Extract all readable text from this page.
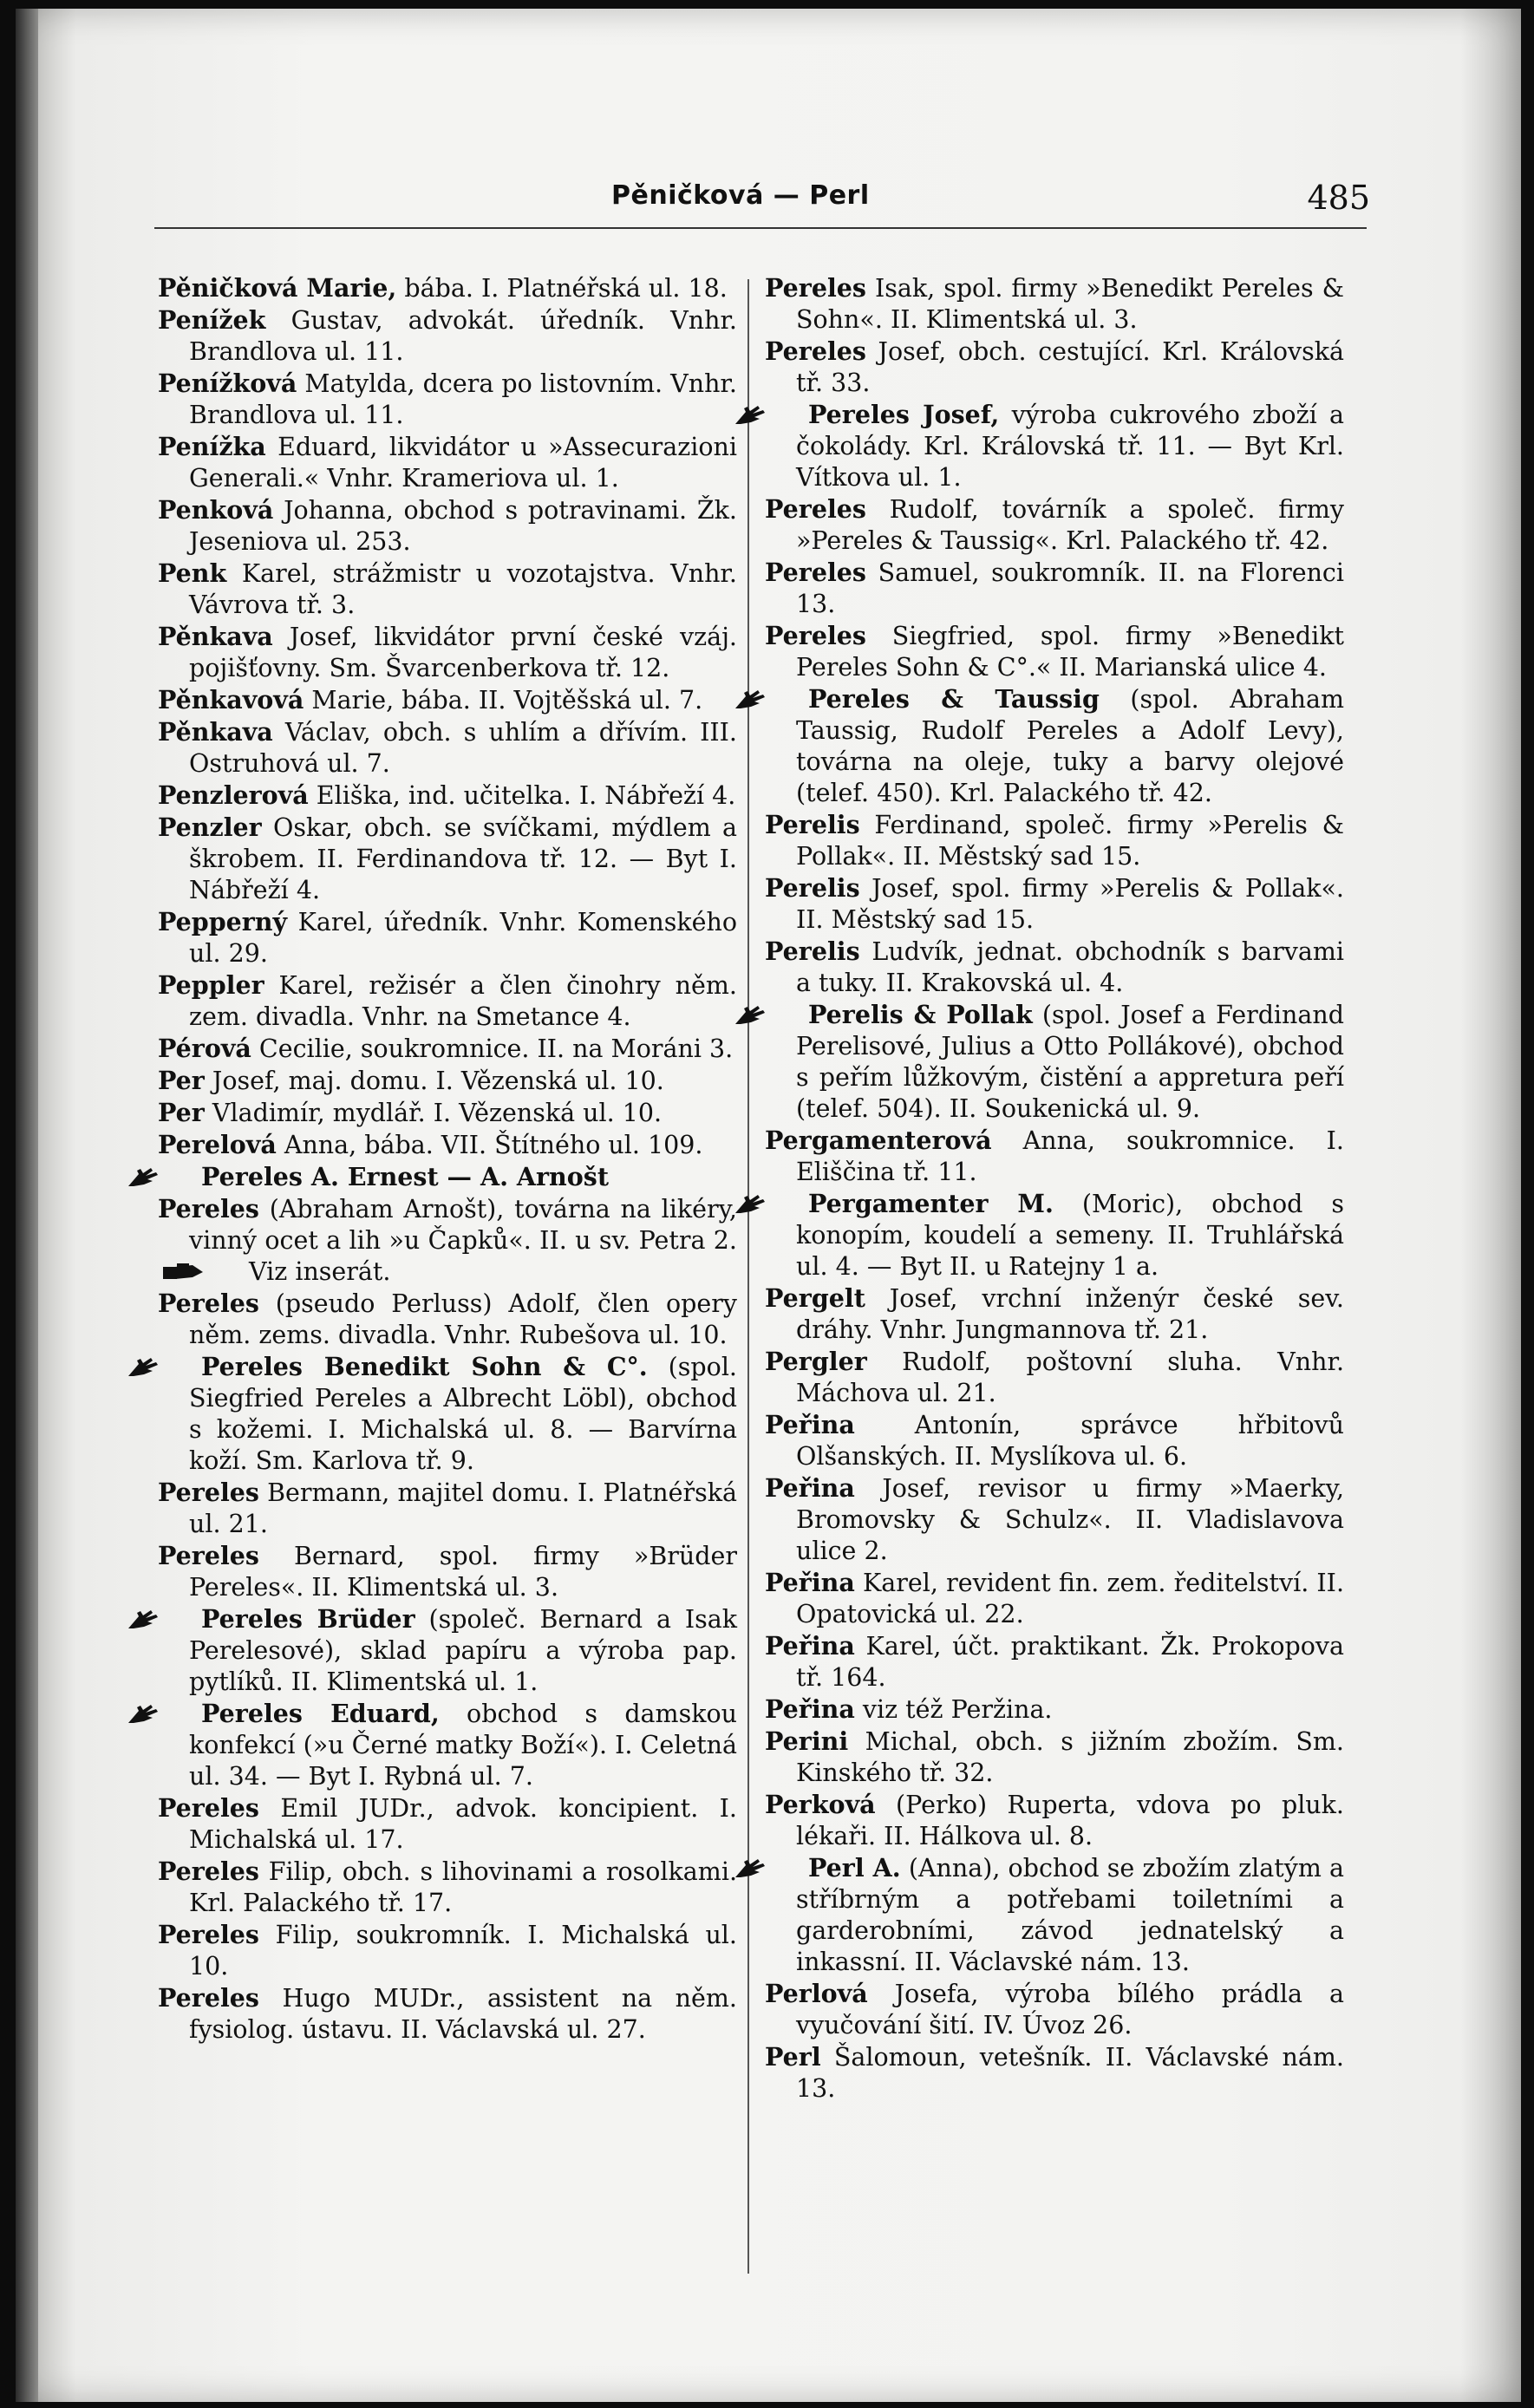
Pěničková — Perl	485

Pěničková Marie, bába. I. Platnéřská ul. 18.

Penížek Gustav, advokát. úředník. Vnhr. Brandlova ul. 11.

Penížková Matylda, dcera po listovním. Vnhr. Brandlova ul. 11.

Penížka Eduard, likvidátor u »Assecurazioni Generali.« Vnhr. Krameriova ul. 1.

Penková Johanna, obchod s potravinami. Žk. Jeseniova ul. 253.

Penk Karel, strážmistr u vozotajstva. Vnhr. Vávrova tř. 3.

Pěnkava Josef, likvidátor první české vzáj. pojišťovny. Sm. Švarcenberkova tř. 12.

Pěnkavová Marie, bába. II. Vojtěšská ul. 7.

Pěnkava Václav, obch. s uhlím a dřívím. III. Ostruhová ul. 7.

Penzlerová Eliška, ind. učitelka. I. Nábřeží 4.

Penzler Oskar, obch. se svíčkami, mýdlem a škrobem. II. Ferdinandova tř. 12. — Byt I. Nábřeží 4.

Pepperný Karel, úředník. Vnhr. Komenského ul. 29.

Peppler Karel, režisér a člen činohry něm. zem. divadla. Vnhr. na Smetance 4.

Pérová Cecilie, soukromnice. II. na Moráni 3.

Per Josef, maj. domu. I. Vězenská ul. 10.

Per Vladimír, mydlář. I. Vězenská ul. 10.

Perelová Anna, bába. VII. Štítného ul. 109.

Pereles A. Ernest — A. Arnošt

Pereles (Abraham Arnošt), továrna na likéry, vinný ocet a lih »u Čapků«. II. u sv. Petra 2. Viz inserát.

Pereles (pseudo Perluss) Adolf, člen opery něm. zems. divadla. Vnhr. Rubešova ul. 10.

Pereles Benedikt Sohn & C°. (spol. Siegfried Pereles a Albrecht Löbl), obchod s kožemi. I. Michalská ul. 8. — Barvírna koží. Sm. Karlova tř. 9.

Pereles Bermann, majitel domu. I. Platnéřská ul. 21.

Pereles Bernard, spol. firmy »Brüder Pereles«. II. Klimentská ul. 3.

Pereles Brüder (společ. Bernard a Isak Perelesové), sklad papíru a výroba pap. pytlíků. II. Klimentská ul. 1.

Pereles Eduard, obchod s damskou konfekcí (»u Černé matky Boží«). I. Celetná ul. 34. — Byt I. Rybná ul. 7.

Pereles Emil JUDr., advok. koncipient. I. Michalská ul. 17.

Pereles Filip, obch. s lihovinami a rosolkami. Krl. Palackého tř. 17.

Pereles Filip, soukromník. I. Michalská ul. 10.

Pereles Hugo MUDr., assistent na něm. fysiolog. ústavu. II. Václavská ul. 27.

Pereles Isak, spol. firmy »Benedikt Pereles & Sohn«. II. Klimentská ul. 3.

Pereles Josef, obch. cestující. Krl. Královská tř. 33.

Pereles Josef, výroba cukrového zboží a čokolády. Krl. Královská tř. 11. — Byt Krl. Vítkova ul. 1.

Pereles Rudolf, továrník a společ. firmy »Pereles & Taussig«. Krl. Palackého tř. 42.

Pereles Samuel, soukromník. II. na Florenci 13.

Pereles Siegfried, spol. firmy »Benedikt Pereles Sohn & C°.« II. Marianská ulice 4.

Pereles & Taussig (spol. Abraham Taussig, Rudolf Pereles a Adolf Levy), továrna na oleje, tuky a barvy olejové (telef. 450). Krl. Palackého tř. 42.

Perelis Ferdinand, společ. firmy »Perelis & Pollak«. II. Městský sad 15.

Perelis Josef, spol. firmy »Perelis & Pollak«. II. Městský sad 15.

Perelis Ludvík, jednat. obchodník s barvami a tuky. II. Krakovská ul. 4.

Perelis & Pollak (spol. Josef a Ferdinand Perelisové, Julius a Otto Pollákové), obchod s peřím lůžkovým, čistění a appretura peří (telef. 504). II. Soukenická ul. 9.

Pergamenterová Anna, soukromnice. I. Eliščina tř. 11.

Pergamenter M. (Moric), obchod s konopím, koudelí a semeny. II. Truhlářská ul. 4. — Byt II. u Ratejny 1 a.

Pergelt Josef, vrchní inženýr české sev. dráhy. Vnhr. Jungmannova tř. 21.

Pergler Rudolf, poštovní sluha. Vnhr. Máchova ul. 21.

Peřina Antonín, správce hřbitovů Olšanských. II. Myslíkova ul. 6.

Peřina Josef, revisor u firmy »Maerky, Bromovsky & Schulz«. II. Vladislavova ulice 2.

Peřina Karel, revident fin. zem. ředitelství. II. Opatovická ul. 22.

Peřina Karel, účt. praktikant. Žk. Prokopova tř. 164.

Peřina viz též Peržina.

Perini Michal, obch. s jižním zbožím. Sm. Kinského tř. 32.

Perková (Perko) Ruperta, vdova po pluk. lékaři. II. Hálkova ul. 8.

Perl A. (Anna), obchod se zbožím zlatým a stříbrným a potřebami toiletními a garderobními, závod jednatelský a inkassní. II. Václavské nám. 13.

Perlová Josefa, výroba bílého prádla a vyučování šití. IV. Úvoz 26.

Perl Šalomoun, vetešník. II. Václavské nám. 13.
